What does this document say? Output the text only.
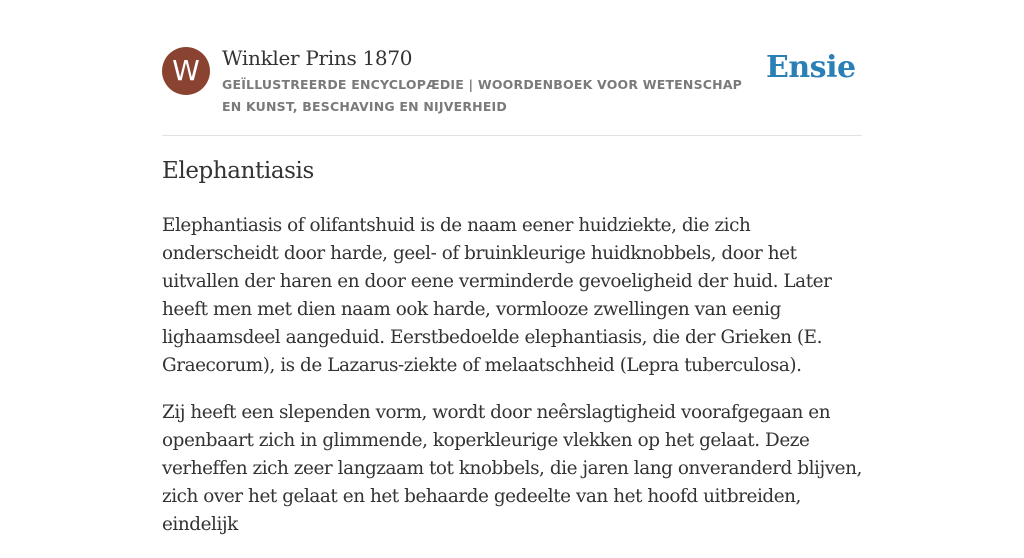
W	Winkler Prins 1870
GEÏLLUSTREERDE ENCYCLOPÆDIE | WOORDENBOEK VOOR WETENSCHAP EN KUNST, BESCHAVING EN NIJVERHEID
Ensie
Elephantiasis

Elephantiasis of olifantshuid is de naam eener huidziekte, die zich onderscheidt door harde, geel- of bruinkleurige huidknobbels, door het uitvallen der haren en door eene verminderde gevoeligheid der huid. Later heeft men met dien naam ook harde, vormlooze zwellingen van eenig lighaamsdeel aangeduid. Eerstbedoelde elephantiasis, die der Grieken (E. Graecorum), is de Lazarus-ziekte of melaatschheid (Lepra tuberculosa).

Zij heeft een slependen vorm, wordt door neêrslagtigheid voorafgegaan en openbaart zich in glimmende, koperkleurige vlekken op het gelaat. Deze verheffen zich zeer langzaam tot knobbels, die jaren lang onveranderd blijven, zich over het gelaat en het behaarde gedeelte van het hoofd uitbreiden, eindelijk
